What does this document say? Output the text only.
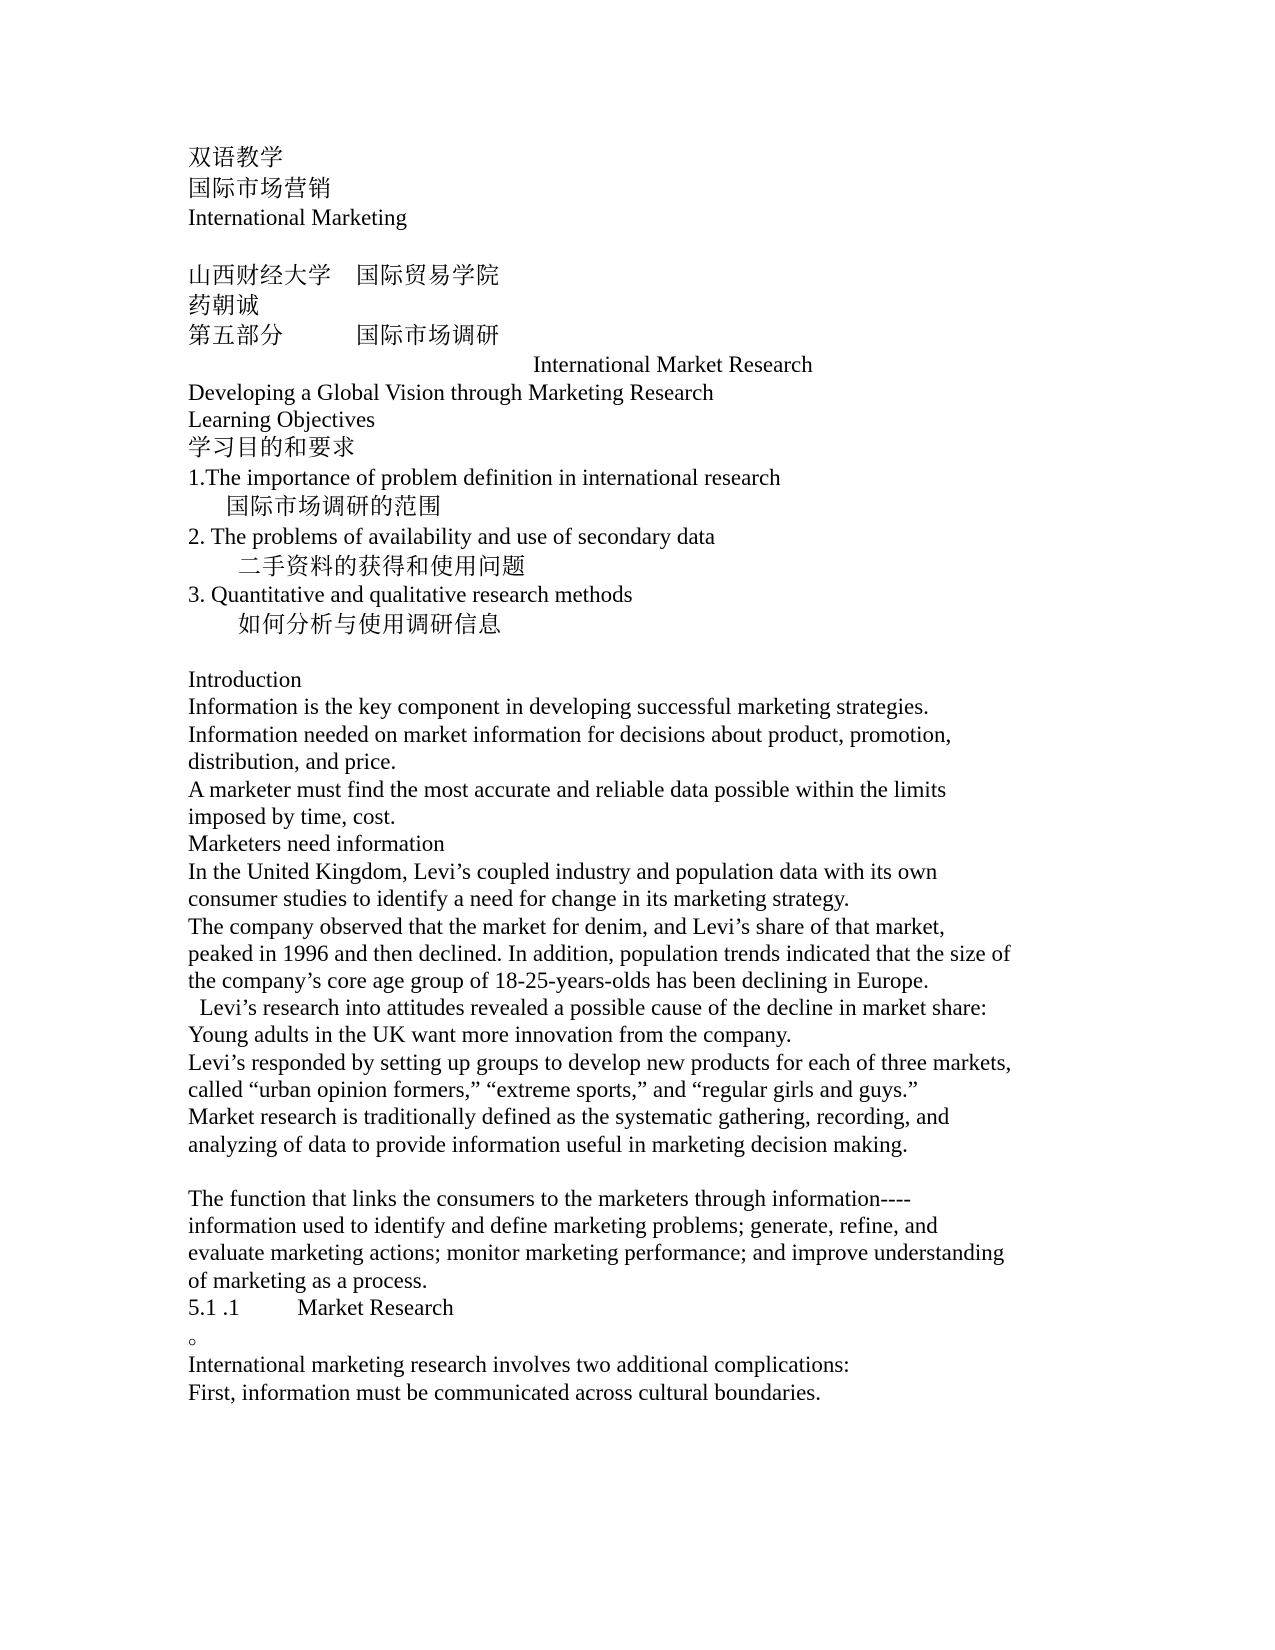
双语教学
国际市场营销
International Marketing
山西财经大学　国际贸易学院
药朝诚
第五部分　　　国际市场调研
International Market Research
Developing a Global Vision through Marketing Research
Learning Objectives
学习目的和要求
1.The importance of problem definition in international research
国际市场调研的范围
2. The problems of availability and use of secondary data
二手资料的获得和使用问题
3. Quantitative and qualitative research methods
如何分析与使用调研信息
Introduction
Information is the key component in developing successful marketing strategies.
Information needed on market information for decisions about product, promotion,
distribution, and price.
A marketer must find the most accurate and reliable data possible within the limits
imposed by time, cost.
Marketers need information
In the United Kingdom, Levi’s coupled industry and population data with its own
consumer studies to identify a need for change in its marketing strategy.
The company observed that the market for denim, and Levi’s share of that market,
peaked in 1996 and then declined. In addition, population trends indicated that the size of
the company’s core age group of 18-25-years-olds has been declining in Europe.
Levi’s research into attitudes revealed a possible cause of the decline in market share:
Young adults in the UK want more innovation from the company.
Levi’s responded by setting up groups to develop new products for each of three markets,
called “urban opinion formers,” “extreme sports,” and “regular girls and guys.”
Market research is traditionally defined as the systematic gathering, recording, and
analyzing of data to provide information useful in marketing decision making.
The function that links the consumers to the marketers through information----
information used to identify and define marketing problems; generate, refine, and
evaluate marketing actions; monitor marketing performance; and improve understanding
of marketing as a process.
5.1 .1          Market Research
。
International marketing research involves two additional complications:
First, information must be communicated across cultural boundaries.
